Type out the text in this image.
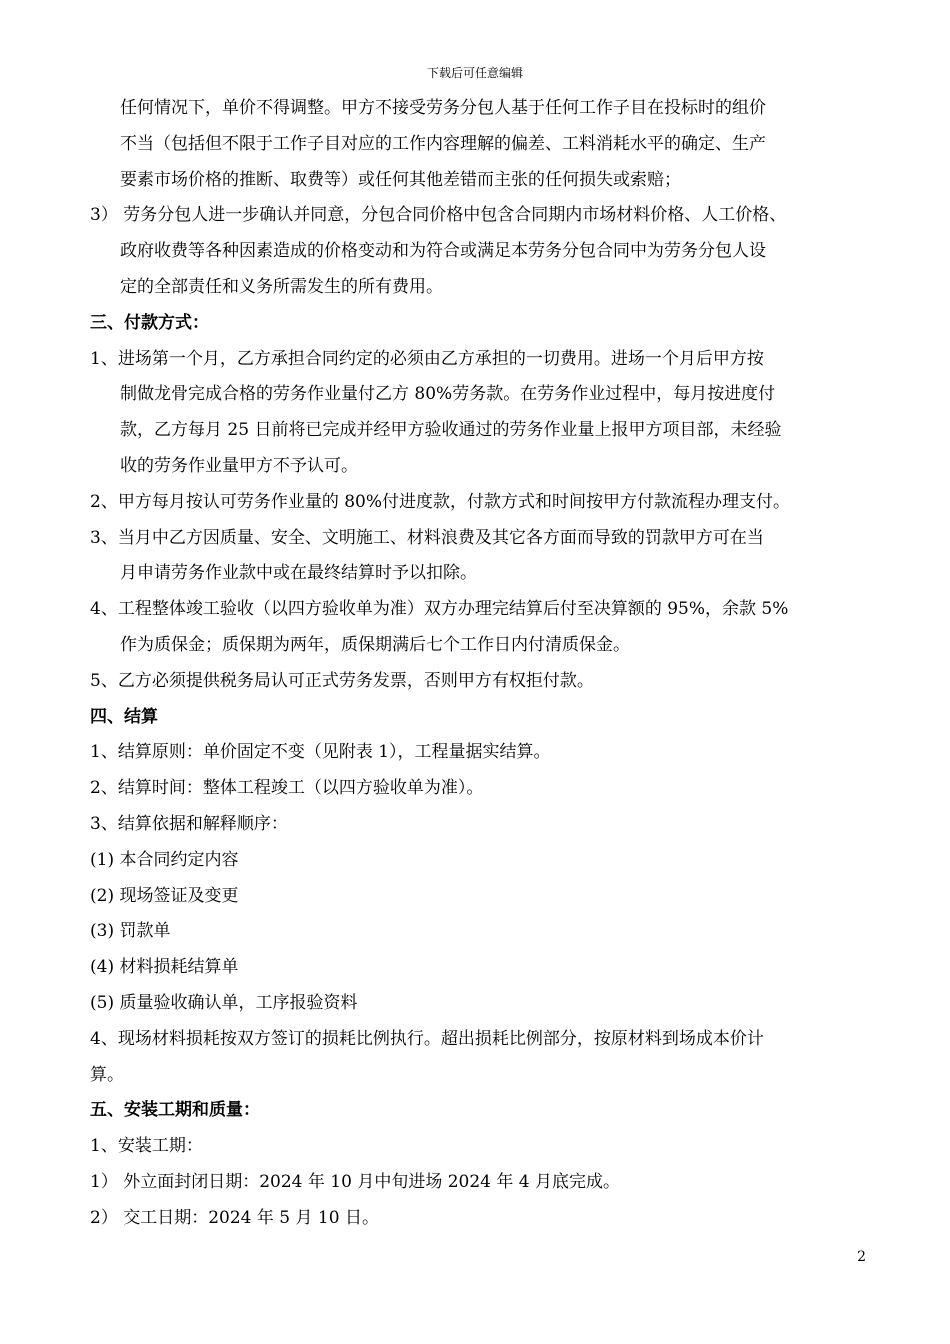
下载后可任意编辑
任何情况下，单价不得调整。甲方不接受劳务分包人基于任何工作子目在投标时的组价
不当（包括但不限于工作子目对应的工作内容理解的偏差、工料消耗水平的确定、生产
要素市场价格的推断、取费等）或任何其他差错而主张的任何损失或索赔；
3） 劳务分包人进一步确认并同意，分包合同价格中包含合同期内市场材料价格、人工价格、
政府收费等各种因素造成的价格变动和为符合或满足本劳务分包合同中为劳务分包人设
定的全部责任和义务所需发生的所有费用。
三、付款方式：
1、进场第一个月，乙方承担合同约定的必须由乙方承担的一切费用。进场一个月后甲方按
制做龙骨完成合格的劳务作业量付乙方 80%劳务款。在劳务作业过程中，每月按进度付
款，乙方每月 25 日前将已完成并经甲方验收通过的劳务作业量上报甲方项目部，未经验
收的劳务作业量甲方不予认可。
2、甲方每月按认可劳务作业量的 80%付进度款，付款方式和时间按甲方付款流程办理支付。
3、当月中乙方因质量、安全、文明施工、材料浪费及其它各方面而导致的罚款甲方可在当
月申请劳务作业款中或在最终结算时予以扣除。
4、工程整体竣工验收（以四方验收单为准）双方办理完结算后付至决算额的 95%，余款 5%
作为质保金；质保期为两年，质保期满后七个工作日内付清质保金。
5、乙方必须提供税务局认可正式劳务发票，否则甲方有权拒付款。
四、结算
1、结算原则：单价固定不变（见附表 1），工程量据实结算。
2、结算时间：整体工程竣工（以四方验收单为准）。
3、结算依据和解释顺序：
(1) 本合同约定内容
(2) 现场签证及变更
(3) 罚款单
(4) 材料损耗结算单
(5) 质量验收确认单，工序报验资料
4、现场材料损耗按双方签订的损耗比例执行。超出损耗比例部分，按原材料到场成本价计
算。
五、安装工期和质量：
1、安装工期：
1） 外立面封闭日期：2024 年 10 月中旬进场 2024 年 4 月底完成。
2） 交工日期：2024 年 5 月 10 日。
2
